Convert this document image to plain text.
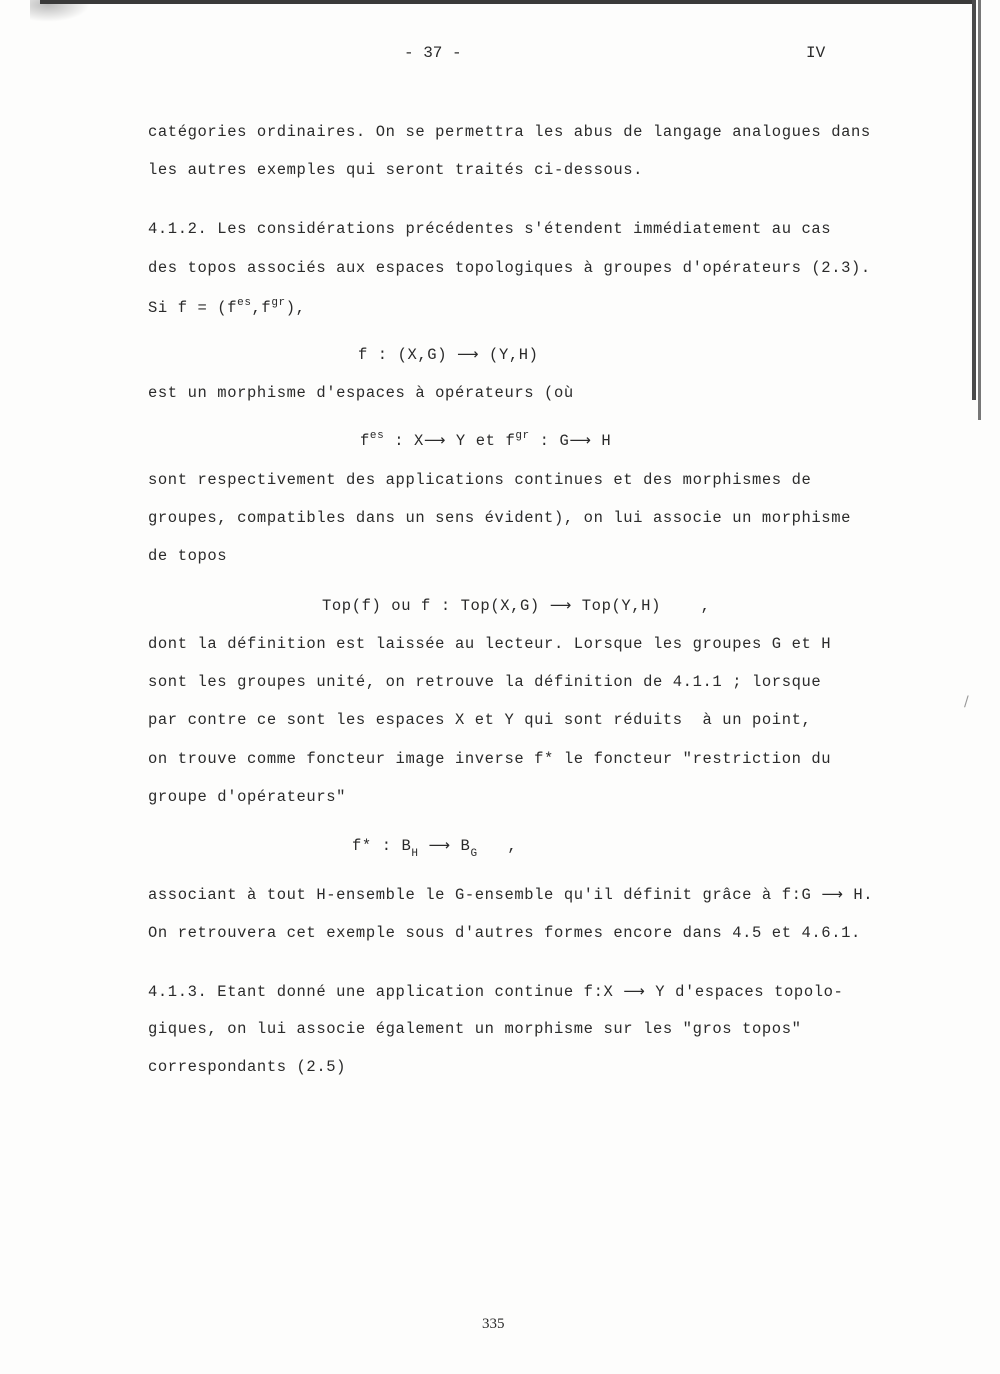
/
- 37 -	IV
catégories ordinaires. On se permettra les abus de langage analogues dans
les autres exemples qui seront traités ci-dessous.
4.1.2. Les considérations précédentes s'étendent immédiatement au cas
des topos associés aux espaces topologiques à groupes d'opérateurs (2.3).
Si $f = (f^{es},f^{gr})$,
f : (X,G) ⟶ (Y,H)
est un morphisme d'espaces à opérateurs (où
$f^{es}$ : X⟶ Y et $f^{gr}$ : G⟶ H
sont respectivement des applications continues et des morphismes de
groupes, compatibles dans un sens évident), on lui associe un morphisme
de topos
Top(f) ou f : Top(X,G) ⟶ Top(Y,H)	,
dont la définition est laissée au lecteur. Lorsque les groupes G et H
sont les groupes unité, on retrouve la définition de 4.1.1 ; lorsque
par contre ce sont les espaces X et Y qui sont réduits  à un point,
on trouve comme foncteur image inverse f* le foncteur "restriction du
groupe d'opérateurs"
f* : $B_H$ ⟶ $B_G$ ,
associant à tout H-ensemble le G-ensemble qu'il définit grâce à f:G ⟶ H.
On retrouvera cet exemple sous d'autres formes encore dans 4.5 et 4.6.1.
4.1.3. Etant donné une application continue f:X ⟶ Y d'espaces topolo-
giques, on lui associe également un morphisme sur les "gros topos"
correspondants (2.5)
335
